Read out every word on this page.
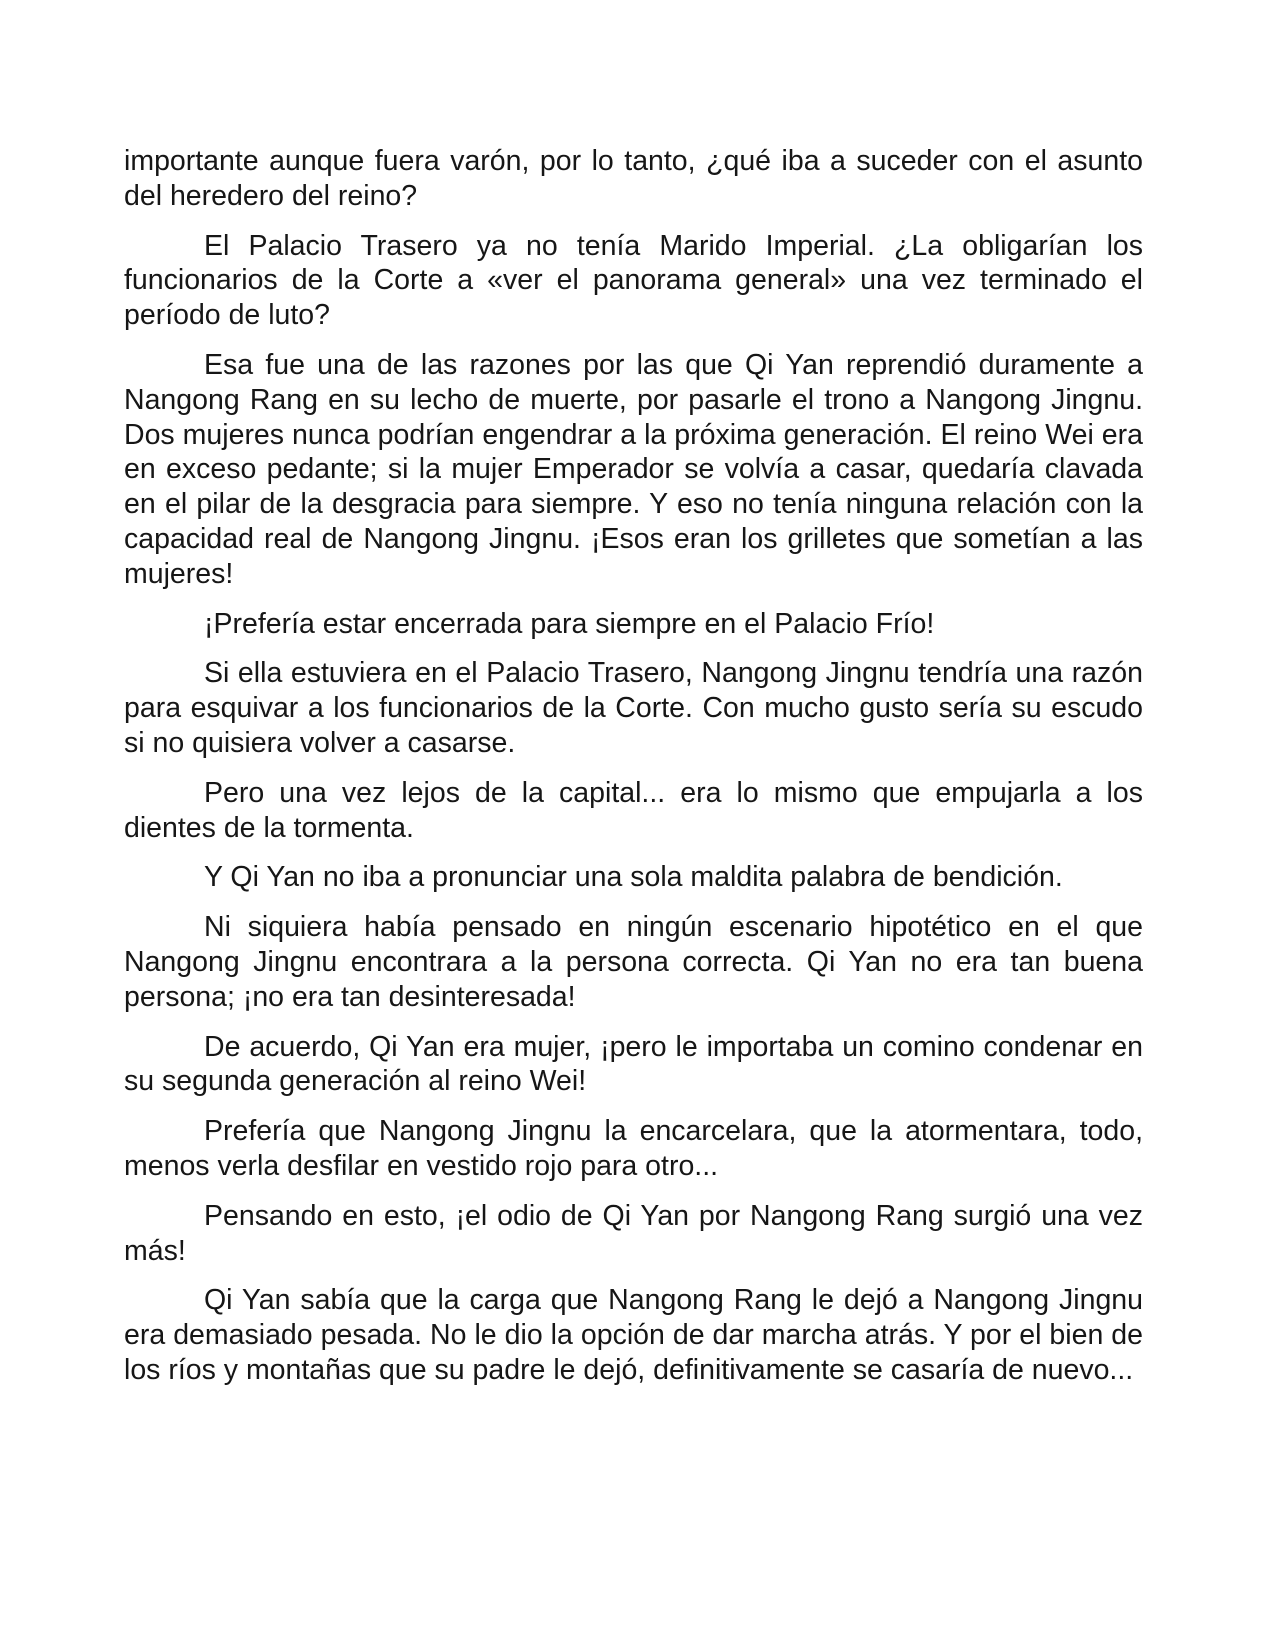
importante aunque fuera varón, por lo tanto, ¿qué iba a suceder con el asunto del heredero del reino?

El Palacio Trasero ya no tenía Marido Imperial. ¿La obligarían los funcionarios de la Corte a «ver el panorama general» una vez terminado el período de luto?

Esa fue una de las razones por las que Qi Yan reprendió duramente a Nangong Rang en su lecho de muerte, por pasarle el trono a Nangong Jingnu. Dos mujeres nunca podrían engendrar a la próxima generación. El reino Wei era en exceso pedante; si la mujer Emperador se volvía a casar, quedaría clavada en el pilar de la desgracia para siempre. Y eso no tenía ninguna relación con la capacidad real de Nangong Jingnu. ¡Esos eran los grilletes que sometían a las mujeres!

¡Prefería estar encerrada para siempre en el Palacio Frío!

Si ella estuviera en el Palacio Trasero, Nangong Jingnu tendría una razón para esquivar a los funcionarios de la Corte. Con mucho gusto sería su escudo si no quisiera volver a casarse.

Pero una vez lejos de la capital... era lo mismo que empujarla a los dientes de la tormenta.

Y Qi Yan no iba a pronunciar una sola maldita palabra de bendición.

Ni siquiera había pensado en ningún escenario hipotético en el que Nangong Jingnu encontrara a la persona correcta. Qi Yan no era tan buena persona; ¡no era tan desinteresada!

De acuerdo, Qi Yan era mujer, ¡pero le importaba un comino condenar en su segunda generación al reino Wei!

Prefería que Nangong Jingnu la encarcelara, que la atormentara, todo, menos verla desfilar en vestido rojo para otro...

Pensando en esto, ¡el odio de Qi Yan por Nangong Rang surgió una vez más!

Qi Yan sabía que la carga que Nangong Rang le dejó a Nangong Jingnu era demasiado pesada. No le dio la opción de dar marcha atrás. Y por el bien de los ríos y montañas que su padre le dejó, definitivamente se casaría de nuevo...
